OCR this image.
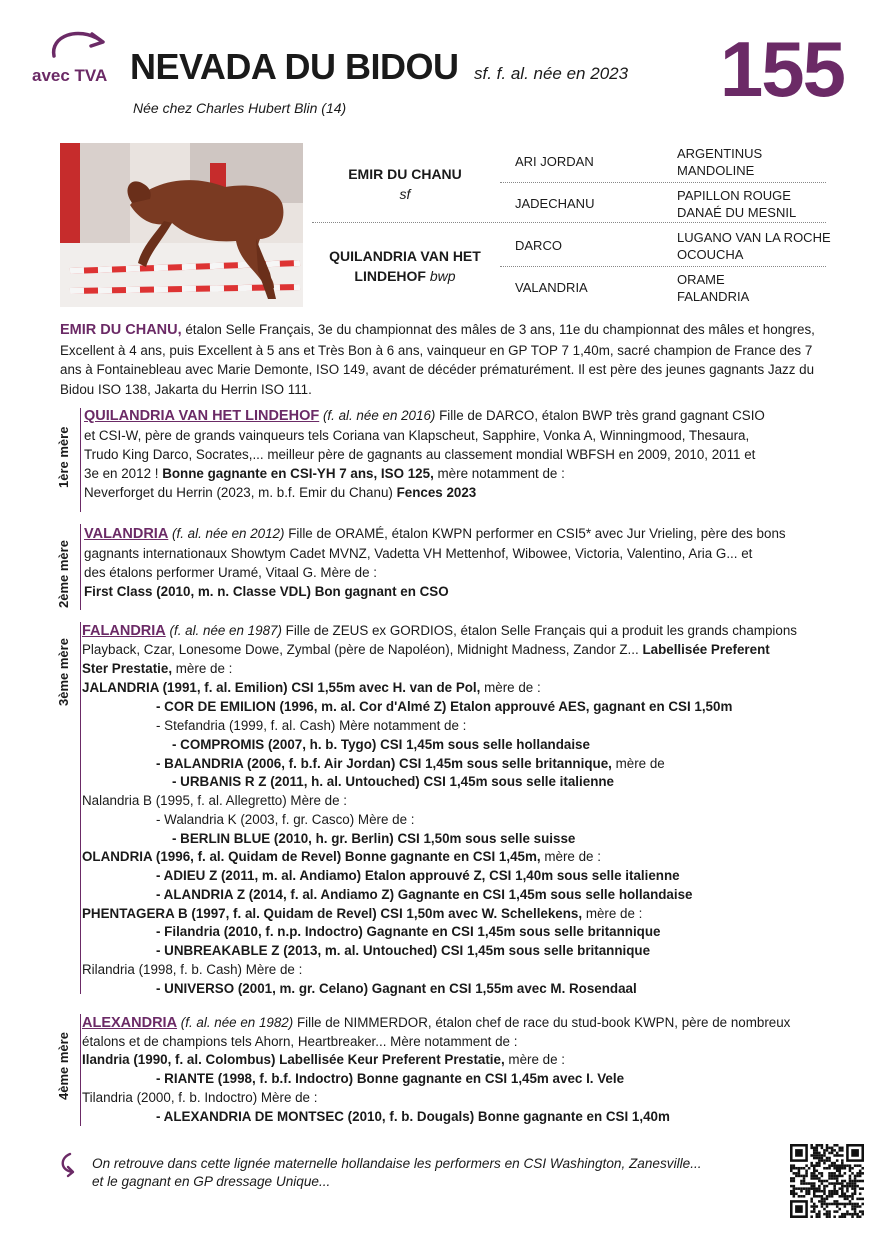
avec TVA NEVADA DU BIDOU sf. f. al. née en 2023 155
Née chez Charles Hubert Blin (14)
EMIR DU CHANU
sf
QUILANDRIA VAN HET
LINDEHOF bwp
ARI JORDAN
JADECHANU
DARCO
VALANDRIA
ARGENTINUS
MANDOLINE
PAPILLON ROUGE
DANAÉ DU MESNIL
LUGANO VAN LA ROCHE
OCOUCHA
ORAME
FALANDRIA
EMIR DU CHANU, étalon Selle Français, 3e du championnat des mâles de 3 ans, 11e du championnat des mâles et hongres, Excellent à 4 ans, puis Excellent à 5 ans et Très Bon à 6 ans, vainqueur en GP TOP 7 1,40m, sacré champion de France des 7 ans à Fontainebleau avec Marie Demonte, ISO 149, avant de décéder prématurément. Il est père des jeunes gagnants Jazz du Bidou ISO 138, Jakarta du Herrin ISO 111.
1ère mère
QUILANDRIA VAN HET LINDEHOF (f. al. née en 2016) Fille de DARCO, étalon BWP très grand gagnant CSIO
et CSI-W, père de grands vainqueurs tels Coriana van Klapscheut, Sapphire, Vonka A, Winningmood, Thesaura,
Trudo King Darco, Socrates,... meilleur père de gagnants au classement mondial WBFSH en 2009, 2010, 2011 et
3e en 2012 ! Bonne gagnante en CSI-YH 7 ans, ISO 125, mère notamment de :
Neverforget du Herrin (2023, m. b.f. Emir du Chanu) Fences 2023
2ème mère
VALANDRIA (f. al. née en 2012) Fille de ORAMÉ, étalon KWPN performer en CSI5* avec Jur Vrieling, père des bons
gagnants internationaux Showtym Cadet MVNZ, Vadetta VH Mettenhof, Wibowee, Victoria, Valentino, Aria G... et
des étalons performer Uramé, Vitaal G. Mère de :
First Class (2010, m. n. Classe VDL) Bon gagnant en CSO
3ème mère
FALANDRIA (f. al. née en 1987) Fille de ZEUS ex GORDIOS, étalon Selle Français qui a produit les grands champions
Playback, Czar, Lonesome Dowe, Zymbal (père de Napoléon), Midnight Madness, Zandor Z... Labellisée Preferent
Ster Prestatie, mère de :
JALANDRIA (1991, f. al. Emilion) CSI 1,55m avec H. van de Pol, mère de :
- COR DE EMILION (1996, m. al. Cor d'Almé Z) Etalon approuvé AES, gagnant en CSI 1,50m
- Stefandria (1999, f. al. Cash) Mère notamment de :
- COMPROMIS (2007, h. b. Tygo) CSI 1,45m sous selle hollandaise
- BALANDRIA (2006, f. b.f. Air Jordan) CSI 1,45m sous selle britannique, mère de
- URBANIS R Z (2011, h. al. Untouched) CSI 1,45m sous selle italienne
Nalandria B (1995, f. al. Allegretto) Mère de :
- Walandria K (2003, f. gr. Casco) Mère de :
- BERLIN BLUE (2010, h. gr. Berlin) CSI 1,50m sous selle suisse
OLANDRIA (1996, f. al. Quidam de Revel) Bonne gagnante en CSI 1,45m, mère de :
- ADIEU Z (2011, m. al. Andiamo) Etalon approuvé Z, CSI 1,40m sous selle italienne
- ALANDRIA Z (2014, f. al. Andiamo Z) Gagnante en CSI 1,45m sous selle hollandaise
PHENTAGERA B (1997, f. al. Quidam de Revel) CSI 1,50m avec W. Schellekens, mère de :
- Filandria (2010, f. n.p. Indoctro) Gagnante en CSI 1,45m sous selle britannique
- UNBREAKABLE Z (2013, m. al. Untouched) CSI 1,45m sous selle britannique
Rilandria (1998, f. b. Cash) Mère de :
- UNIVERSO (2001, m. gr. Celano) Gagnant en CSI 1,55m avec M. Rosendaal
4ème mère
ALEXANDRIA (f. al. née en 1982) Fille de NIMMERDOR, étalon chef de race du stud-book KWPN, père de nombreux
étalons et de champions tels Ahorn, Heartbreaker... Mère notamment de :
Ilandria (1990, f. al. Colombus) Labellisée Keur Preferent Prestatie, mère de :
- RIANTE (1998, f. b.f. Indoctro) Bonne gagnante en CSI 1,45m avec I. Vele
Tilandria (2000, f. b. Indoctro) Mère de :
- ALEXANDRIA DE MONTSEC (2010, f. b. Dougals) Bonne gagnante en CSI 1,40m
On retrouve dans cette lignée maternelle hollandaise les performers en CSI Washington, Zanesville...
et le gagnant en GP dressage Unique...
